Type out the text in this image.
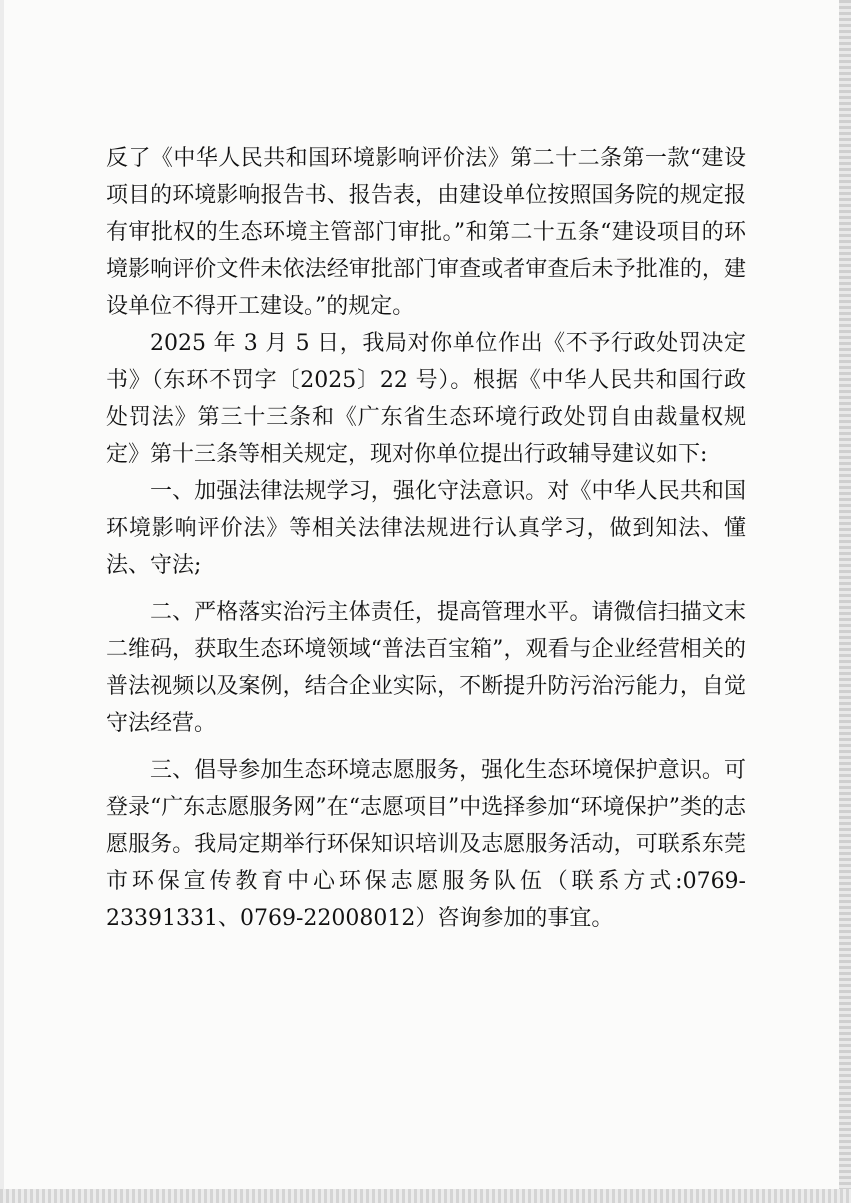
反了《中华人民共和国环境影响评价法》第二十二条第一款“建设项目的环境影响报告书、报告表，由建设单位按照国务院的规定报有审批权的生态环境主管部门审批。”和第二十五条“建设项目的环境影响评价文件未依法经审批部门审查或者审查后未予批准的，建设单位不得开工建设。”的规定。

2025 年 3 月 5 日，我局对你单位作出《不予行政处罚决定书》（东环不罚字〔2025〕22 号）。根据《中华人民共和国行政处罚法》第三十三条和《广东省生态环境行政处罚自由裁量权规定》第十三条等相关规定，现对你单位提出行政辅导建议如下:

一、加强法律法规学习，强化守法意识。对《中华人民共和国环境影响评价法》等相关法律法规进行认真学习，做到知法、懂法、守法;

二、严格落实治污主体责任，提高管理水平。请微信扫描文末二维码，获取生态环境领域“普法百宝箱”，观看与企业经营相关的普法视频以及案例，结合企业实际，不断提升防污治污能力，自觉守法经营。

三、倡导参加生态环境志愿服务，强化生态环境保护意识。可登录“广东志愿服务网”在“志愿项目”中选择参加“环境保护”类的志愿服务。我局定期举行环保知识培训及志愿服务活动，可联系东莞市环保宣传教育中心环保志愿服务队伍（联系方式:0769-23391331、0769-22008012）咨询参加的事宜。
